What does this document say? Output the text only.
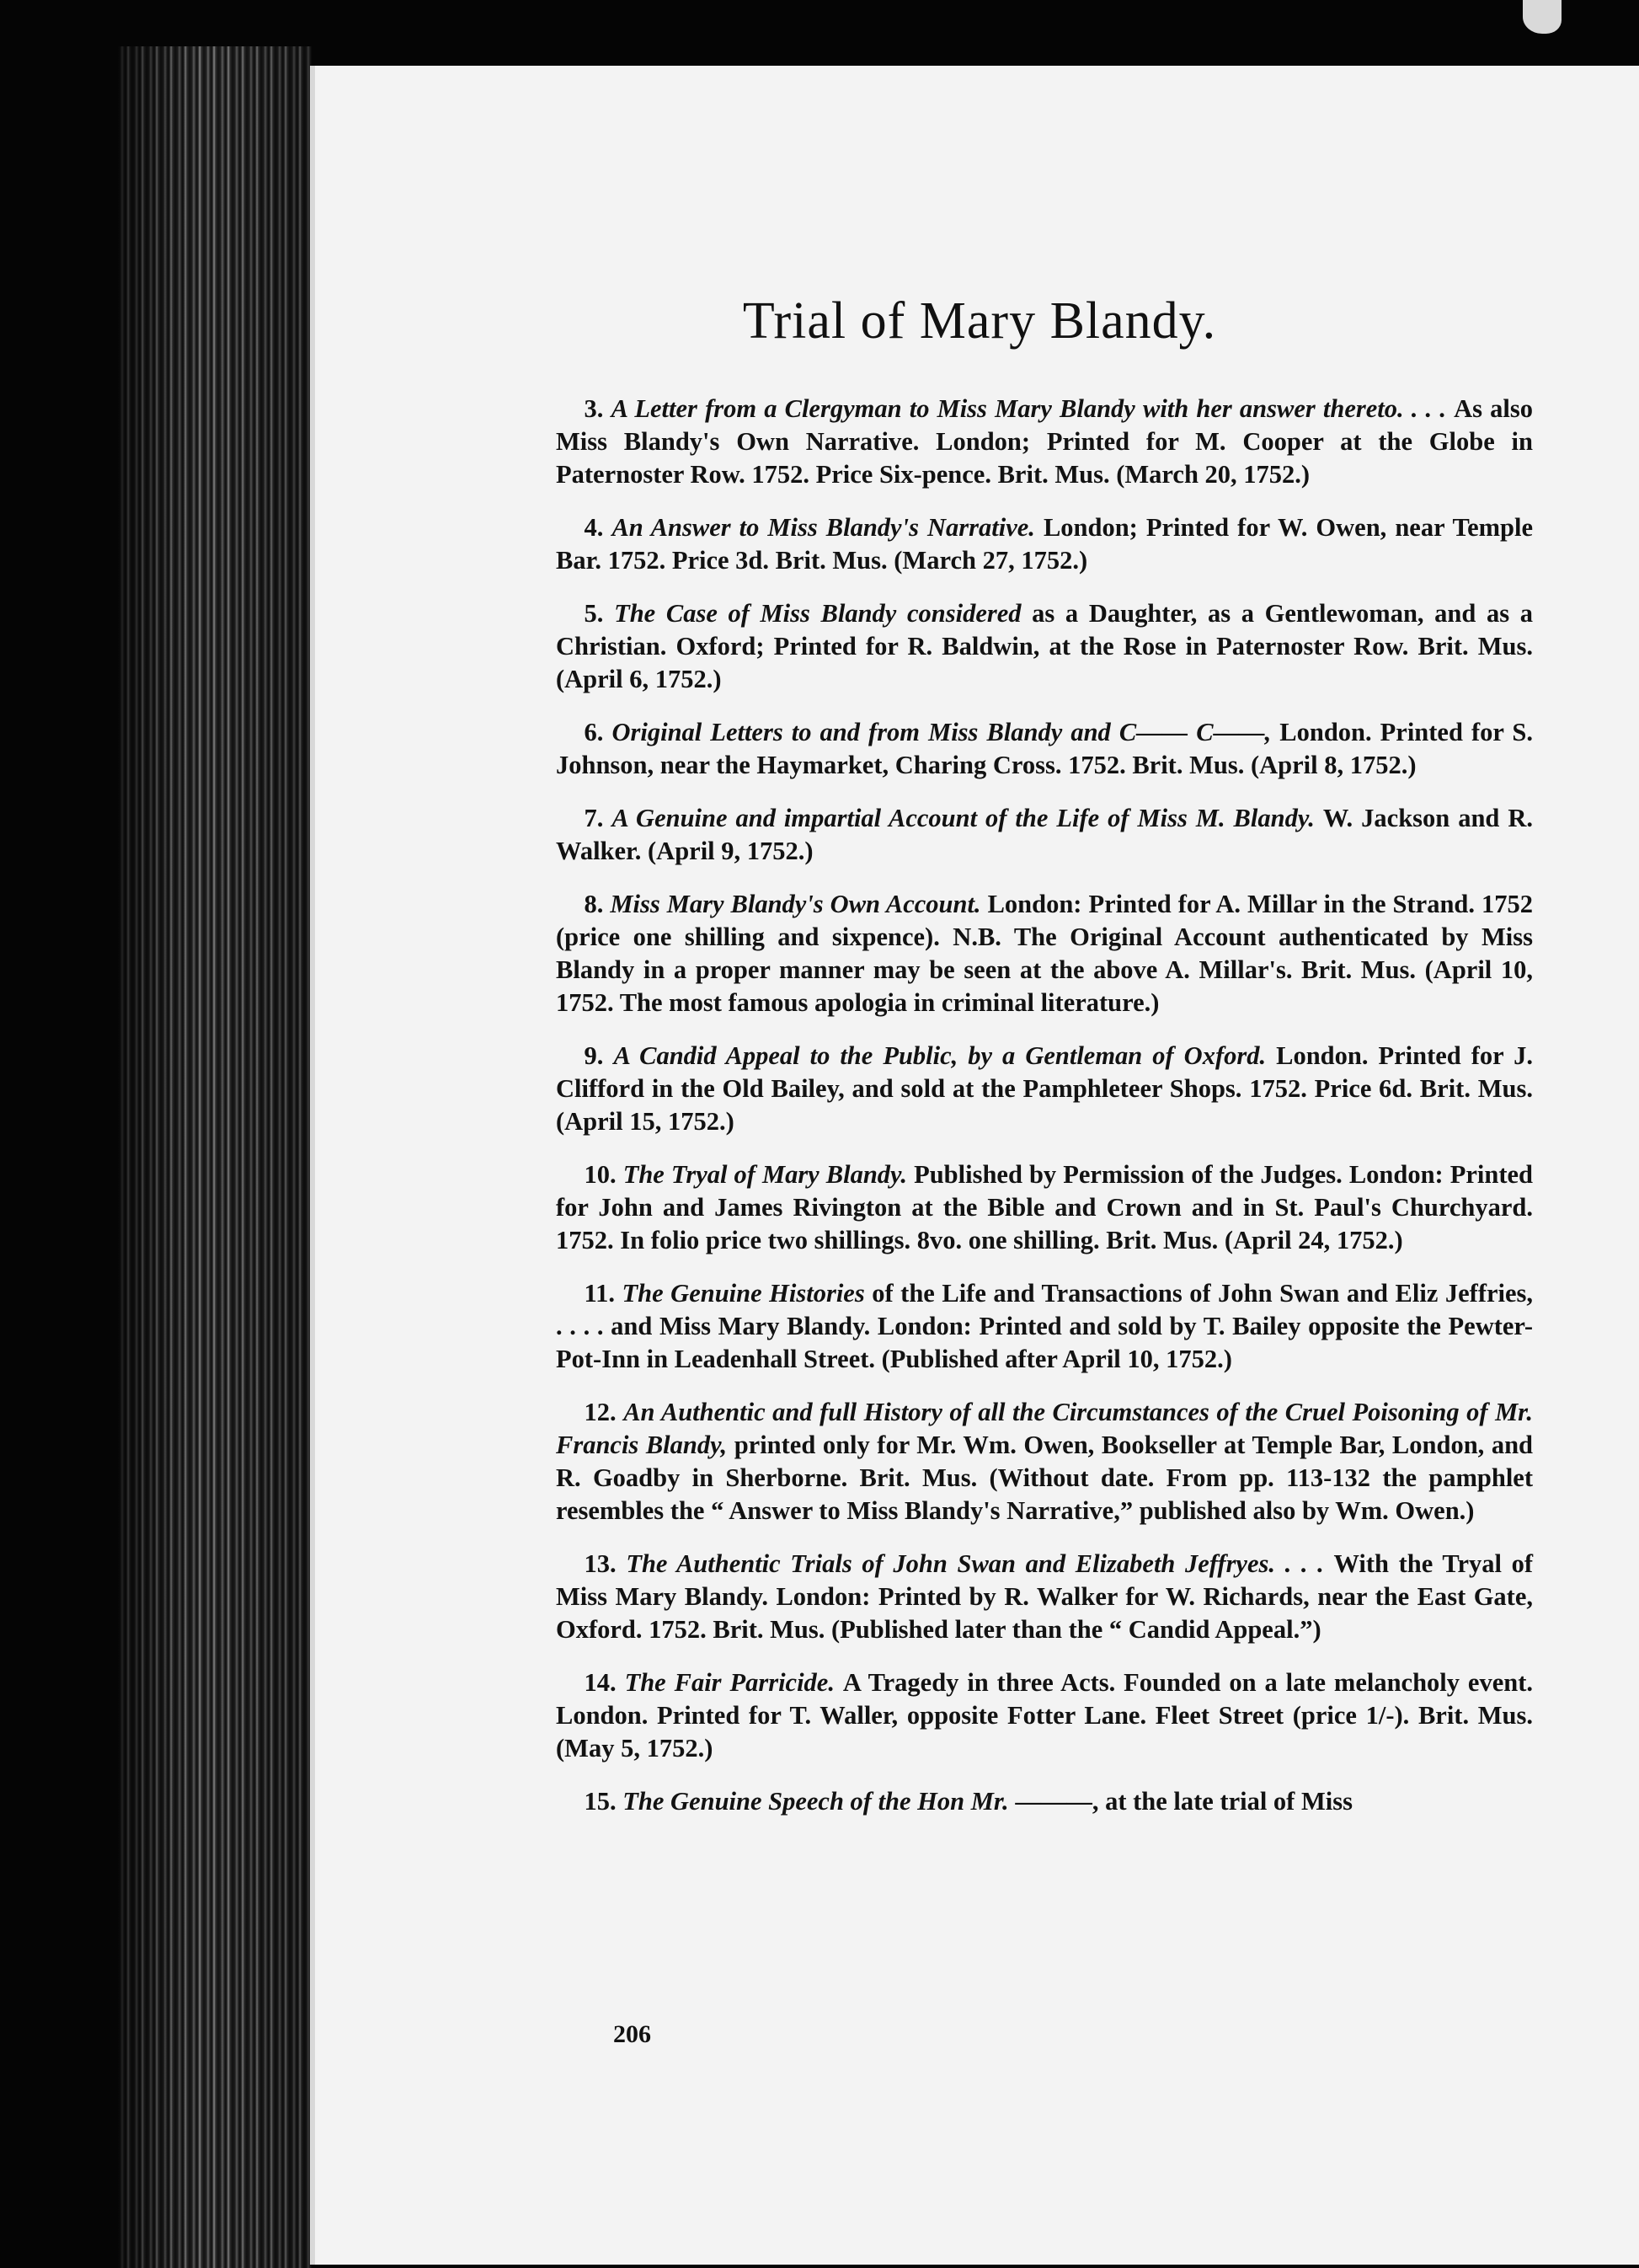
Trial of Mary Blandy.

3. A Letter from a Clergyman to Miss Mary Blandy with her answer thereto. . . . As also Miss Blandy's Own Narrative. London; Printed for M. Cooper at the Globe in Paternoster Row. 1752. Price Six-pence. Brit. Mus. (March 20, 1752.)

4. An Answer to Miss Blandy's Narrative. London; Printed for W. Owen, near Temple Bar. 1752. Price 3d. Brit. Mus. (March 27, 1752.)

5. The Case of Miss Blandy considered as a Daughter, as a Gentlewoman, and as a Christian. Oxford; Printed for R. Baldwin, at the Rose in Paternoster Row. Brit. Mus. (April 6, 1752.)

6. Original Letters to and from Miss Blandy and C—— C——, London. Printed for S. Johnson, near the Haymarket, Charing Cross. 1752. Brit. Mus. (April 8, 1752.)

7. A Genuine and impartial Account of the Life of Miss M. Blandy. W. Jackson and R. Walker. (April 9, 1752.)

8. Miss Mary Blandy's Own Account. London: Printed for A. Millar in the Strand. 1752 (price one shilling and sixpence). N.B. The Original Account authenticated by Miss Blandy in a proper manner may be seen at the above A. Millar's. Brit. Mus. (April 10, 1752. The most famous apologia in criminal literature.)

9. A Candid Appeal to the Public, by a Gentleman of Oxford. London. Printed for J. Clifford in the Old Bailey, and sold at the Pamphleteer Shops. 1752. Price 6d. Brit. Mus. (April 15, 1752.)

10. The Tryal of Mary Blandy. Published by Permission of the Judges. London: Printed for John and James Rivington at the Bible and Crown and in St. Paul's Churchyard. 1752. In folio price two shillings. 8vo. one shilling. Brit. Mus. (April 24, 1752.)

11. The Genuine Histories of the Life and Transactions of John Swan and Eliz Jeffries, . . . . and Miss Mary Blandy. London: Printed and sold by T. Bailey opposite the Pewter-Pot-Inn in Leadenhall Street. (Published after April 10, 1752.)

12. An Authentic and full History of all the Circumstances of the Cruel Poisoning of Mr. Francis Blandy, printed only for Mr. Wm. Owen, Bookseller at Temple Bar, London, and R. Goadby in Sherborne. Brit. Mus. (Without date. From pp. 113-132 the pamphlet resembles the “ Answer to Miss Blandy's Narrative,” published also by Wm. Owen.)

13. The Authentic Trials of John Swan and Elizabeth Jeffryes. . . . With the Tryal of Miss Mary Blandy. London: Printed by R. Walker for W. Richards, near the East Gate, Oxford. 1752. Brit. Mus. (Published later than the “ Candid Appeal.”)

14. The Fair Parricide. A Tragedy in three Acts. Founded on a late melancholy event. London. Printed for T. Waller, opposite Fotter Lane. Fleet Street (price 1/-). Brit. Mus. (May 5, 1752.)

15. The Genuine Speech of the Hon Mr. ———, at the late trial of Miss

206
